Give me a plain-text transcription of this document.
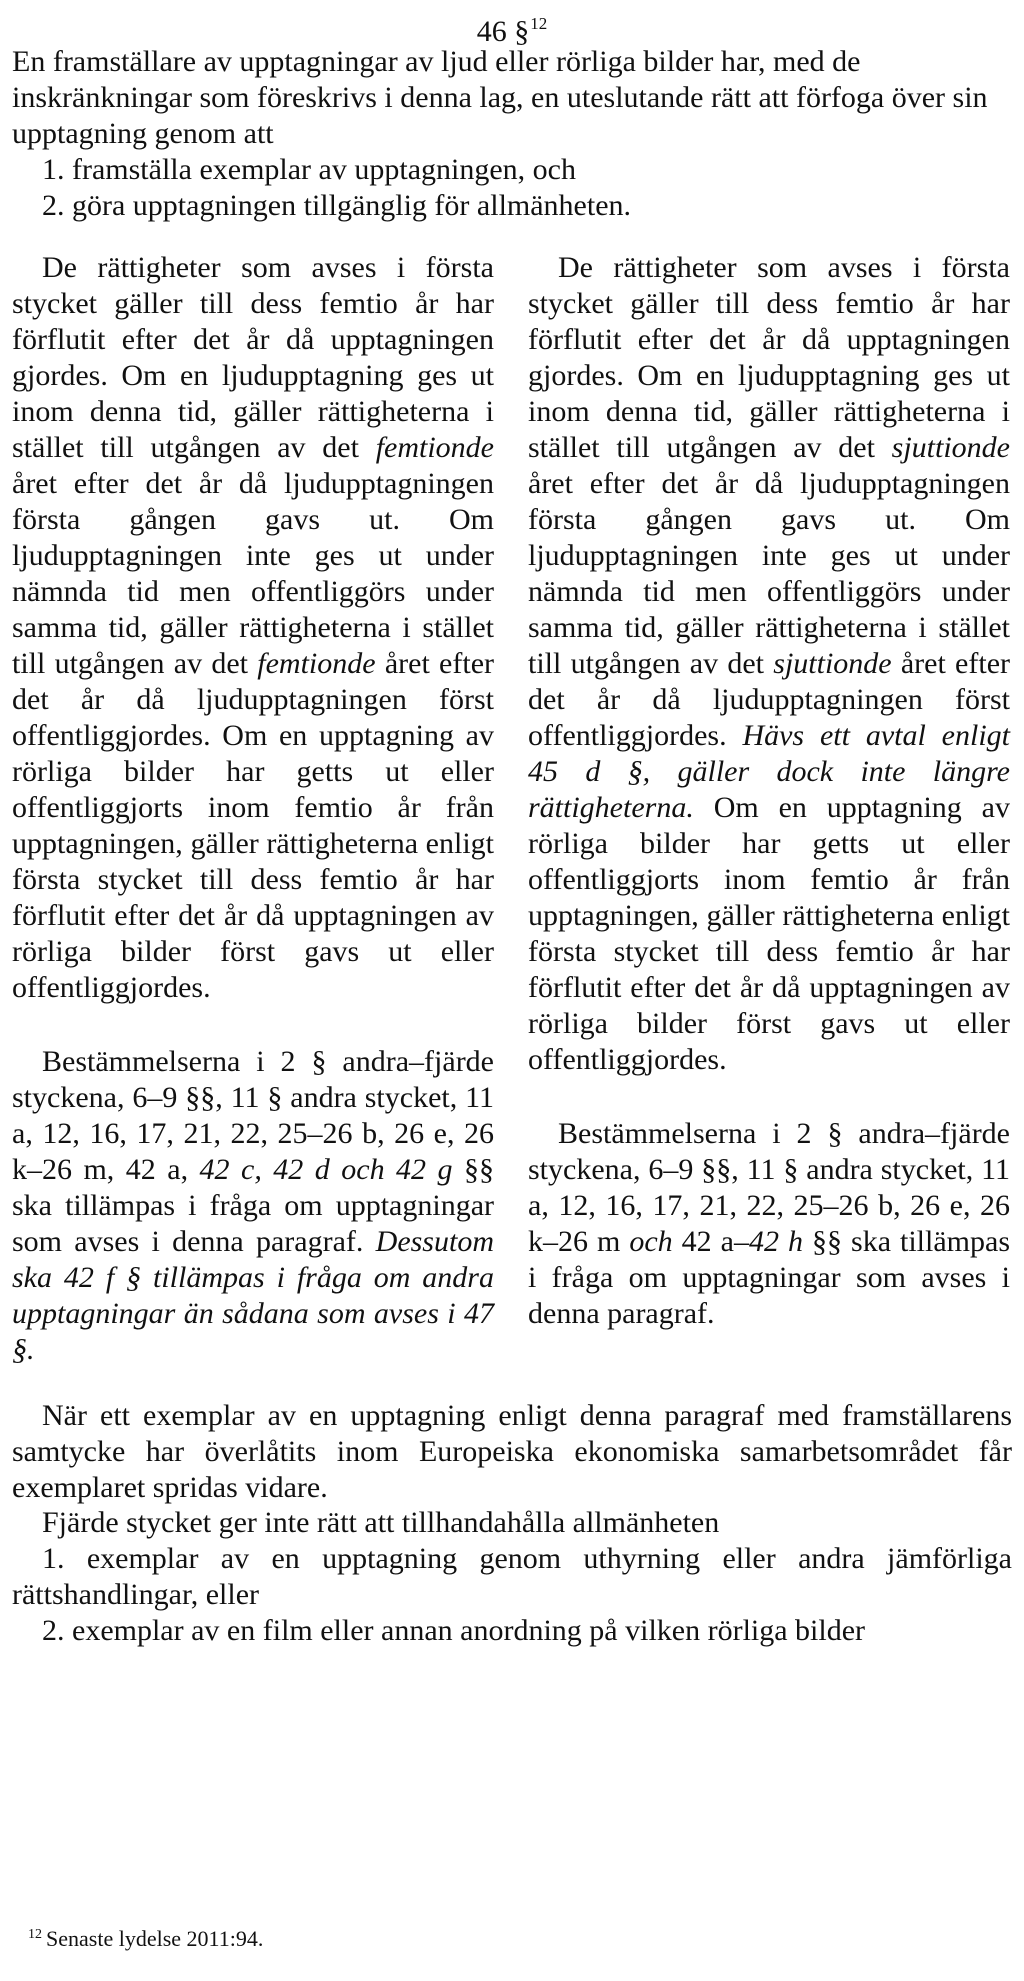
46 §$^{12}$

En framställare av upptagningar av ljud eller rörliga bilder har, med de inskränkningar som föreskrivs i denna lag, en uteslutande rätt att förfoga över sin upptagning genom att

1. framställa exemplar av upptagningen, och

2. göra upptagningen tillgänglig för allmänheten.

De rättigheter som avses i första stycket gäller till dess femtio år har förflutit efter det år då upptagningen gjordes. Om en ljudupptagning ges ut inom denna tid, gäller rättigheterna i stället till utgången av det femtionde året efter det år då ljudupptagningen första gången gavs ut. Om ljudupptagningen inte ges ut under nämnda tid men offentliggörs under samma tid, gäller rättigheterna i stället till utgången av det femtionde året efter det år då ljudupptagningen först offentliggjordes. Om en upptagning av rörliga bilder har getts ut eller offentliggjorts inom femtio år från upptagningen, gäller rättigheterna enligt första stycket till dess femtio år har förflutit efter det år då upptagningen av rörliga bilder först gavs ut eller offentliggjordes.

Bestämmelserna i 2 § andra–fjärde styckena, 6–9 §§, 11 § andra stycket, 11 a, 12, 16, 17, 21, 22, 25–26 b, 26 e, 26 k–26 m, 42 a, 42 c, 42 d och 42 g §§ ska tillämpas i fråga om upptagningar som avses i denna paragraf. Dessutom ska 42 f § tillämpas i fråga om andra upptagningar än sådana som avses i 47 §.

De rättigheter som avses i första stycket gäller till dess femtio år har förflutit efter det år då upptagningen gjordes. Om en ljudupptagning ges ut inom denna tid, gäller rättigheterna i stället till utgången av det sjuttionde året efter det år då ljudupptagningen första gången gavs ut. Om ljudupptagningen inte ges ut under nämnda tid men offentliggörs under samma tid, gäller rättigheterna i stället till utgången av det sjuttionde året efter det år då ljudupptagningen först offentliggjordes. Hävs ett avtal enligt 45 d §, gäller dock inte längre rättigheterna. Om en upptagning av rörliga bilder har getts ut eller offentliggjorts inom femtio år från upptagningen, gäller rättigheterna enligt första stycket till dess femtio år har förflutit efter det år då upptagningen av rörliga bilder först gavs ut eller offentliggjordes.

Bestämmelserna i 2 § andra–fjärde styckena, 6–9 §§, 11 § andra stycket, 11 a, 12, 16, 17, 21, 22, 25–26 b, 26 e, 26 k–26 m och 42 a–42 h §§ ska tillämpas i fråga om upptagningar som avses i denna paragraf.

När ett exemplar av en upptagning enligt denna paragraf med framställarens samtycke har överlåtits inom Europeiska ekonomiska samarbetsområdet får exemplaret spridas vidare.

Fjärde stycket ger inte rätt att tillhandahålla allmänheten

1. exemplar av en upptagning genom uthyrning eller andra jämförliga rättshandlingar, eller

2. exemplar av en film eller annan anordning på vilken rörliga bilder

$^{12}$ Senaste lydelse 2011:94.
